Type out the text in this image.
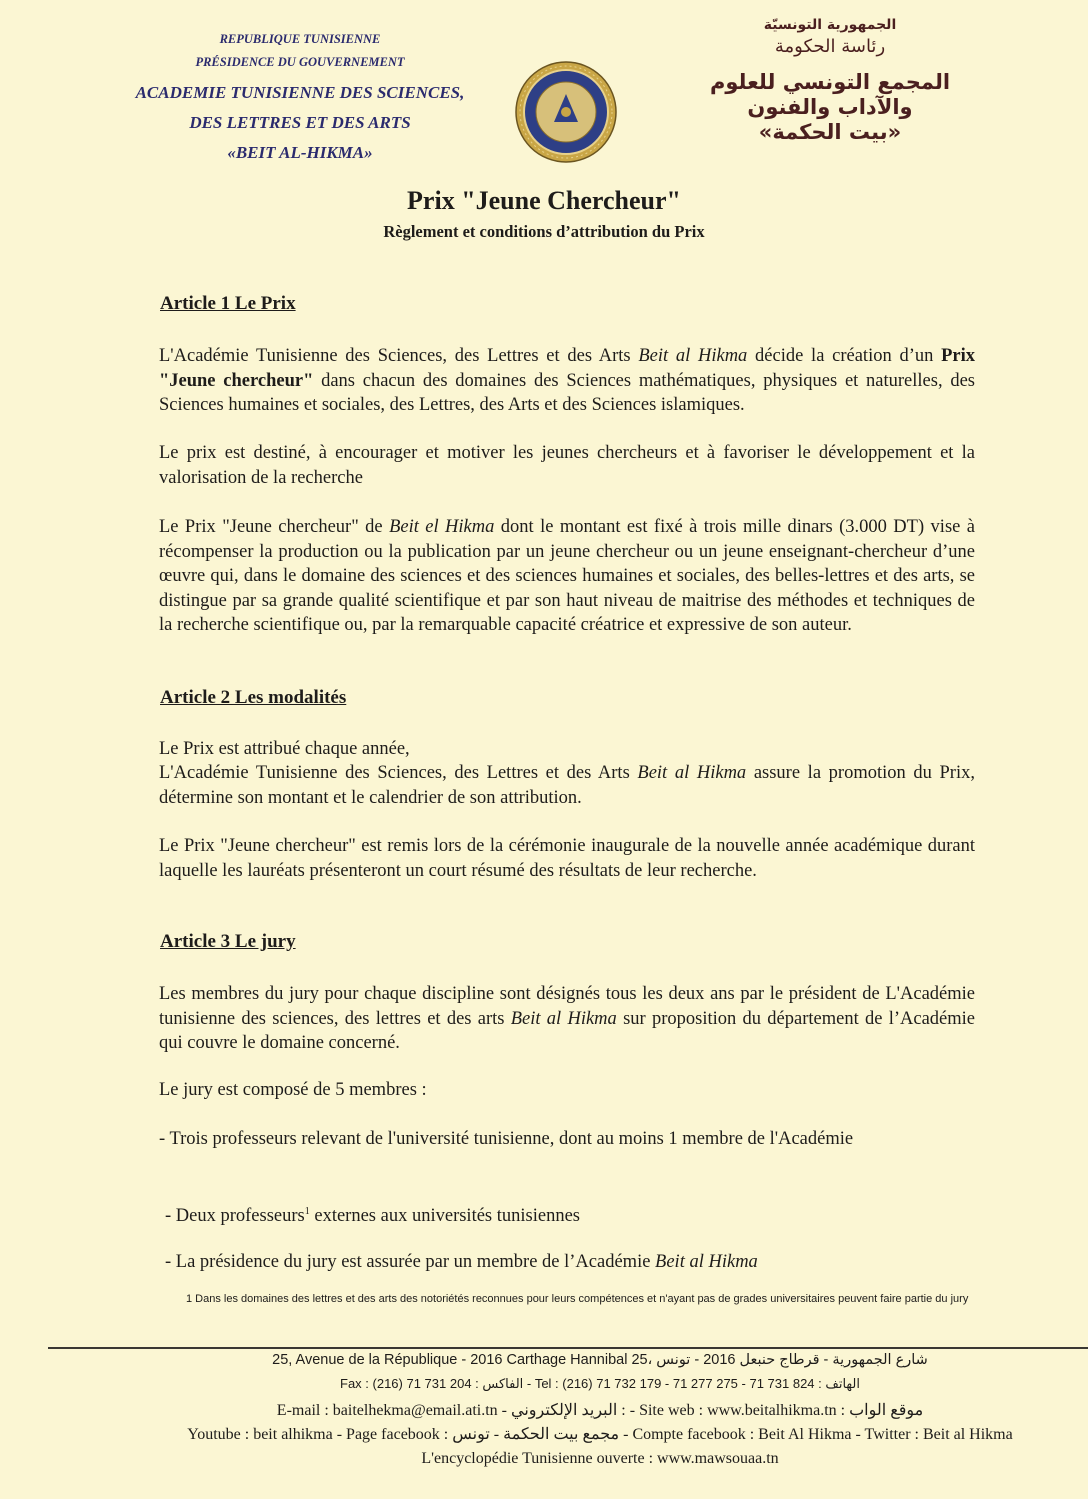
REPUBLIQUE TUNISIENNE
PRÉSIDENCE DU GOUVERNEMENT
ACADEMIE TUNISIENNE DES SCIENCES,
DES LETTRES ET DES ARTS
«BEIT AL-HIKMA»
الجمهورية التونسيّة
رئاسة الحكومة
المجمع التونسي للعلوم
والآداب والفنون
«بيت الحكمة»
Prix "Jeune Chercheur"
Règlement et conditions d’attribution du Prix
Article 1 Le Prix
L'Académie Tunisienne des Sciences, des Lettres et des Arts Beit al Hikma décide la création d’un Prix "Jeune chercheur" dans chacun des domaines des Sciences mathématiques, physiques et naturelles, des Sciences humaines et sociales, des Lettres, des Arts et des Sciences islamiques.
Le prix est destiné, à encourager et motiver les jeunes chercheurs et à favoriser le développement et la valorisation de la recherche
Le Prix "Jeune chercheur" de Beit el Hikma dont le montant est fixé à trois mille dinars (3.000 DT) vise à récompenser la production ou la publication par un jeune chercheur ou un jeune enseignant-chercheur d’une œuvre qui, dans le domaine des sciences et des sciences humaines et sociales, des belles-lettres et des arts, se distingue par sa grande qualité scientifique et par son haut niveau de maitrise des méthodes et techniques de la recherche scientifique ou, par la remarquable capacité créatrice et expressive de son auteur.
Article 2 Les modalités
Le Prix est attribué chaque année,
L'Académie Tunisienne des Sciences, des Lettres et des Arts Beit al Hikma assure la promotion du Prix, détermine son montant et le calendrier de son attribution.
Le Prix "Jeune chercheur" est remis lors de la cérémonie inaugurale de la nouvelle année académique durant laquelle les lauréats présenteront un court résumé des résultats de leur recherche.
Article 3 Le jury
Les membres du jury pour chaque discipline sont désignés tous les deux ans par le président de L'Académie tunisienne des sciences, des lettres et des arts Beit al Hikma sur proposition du département de l’Académie qui couvre le domaine concerné.
Le jury est composé de 5 membres :
- Trois professeurs relevant de l'université tunisienne, dont au moins 1 membre de l'Académie
- Deux professeurs$^1$ externes aux universités tunisiennes
- La présidence du jury est assurée par un membre de l’Académie Beit al Hikma
1 Dans les domaines des lettres et des arts des notoriétés reconnues pour leurs compétences et n'ayant pas de grades universitaires peuvent faire partie du jury
25, Avenue de la République - 2016 Carthage Hannibal 25، شارع الجمهورية - قرطاج حنبعل 2016 - تونس
Fax : (216) 71 731 204 : الفاكس - Tel : (216) 71 732 179 - 71 277 275 - 71 731 824 : الهاتف
E-mail : baitelhekma@email.ati.tn - البريد الإلكتروني : - Site web : www.beitalhikma.tn : موقع الواب
Youtube : beit alhikma - Page facebook : مجمع بيت الحكمة - تونس - Compte facebook : Beit Al Hikma - Twitter : Beit al Hikma
L'encyclopédie Tunisienne ouverte : www.mawsouaa.tn
